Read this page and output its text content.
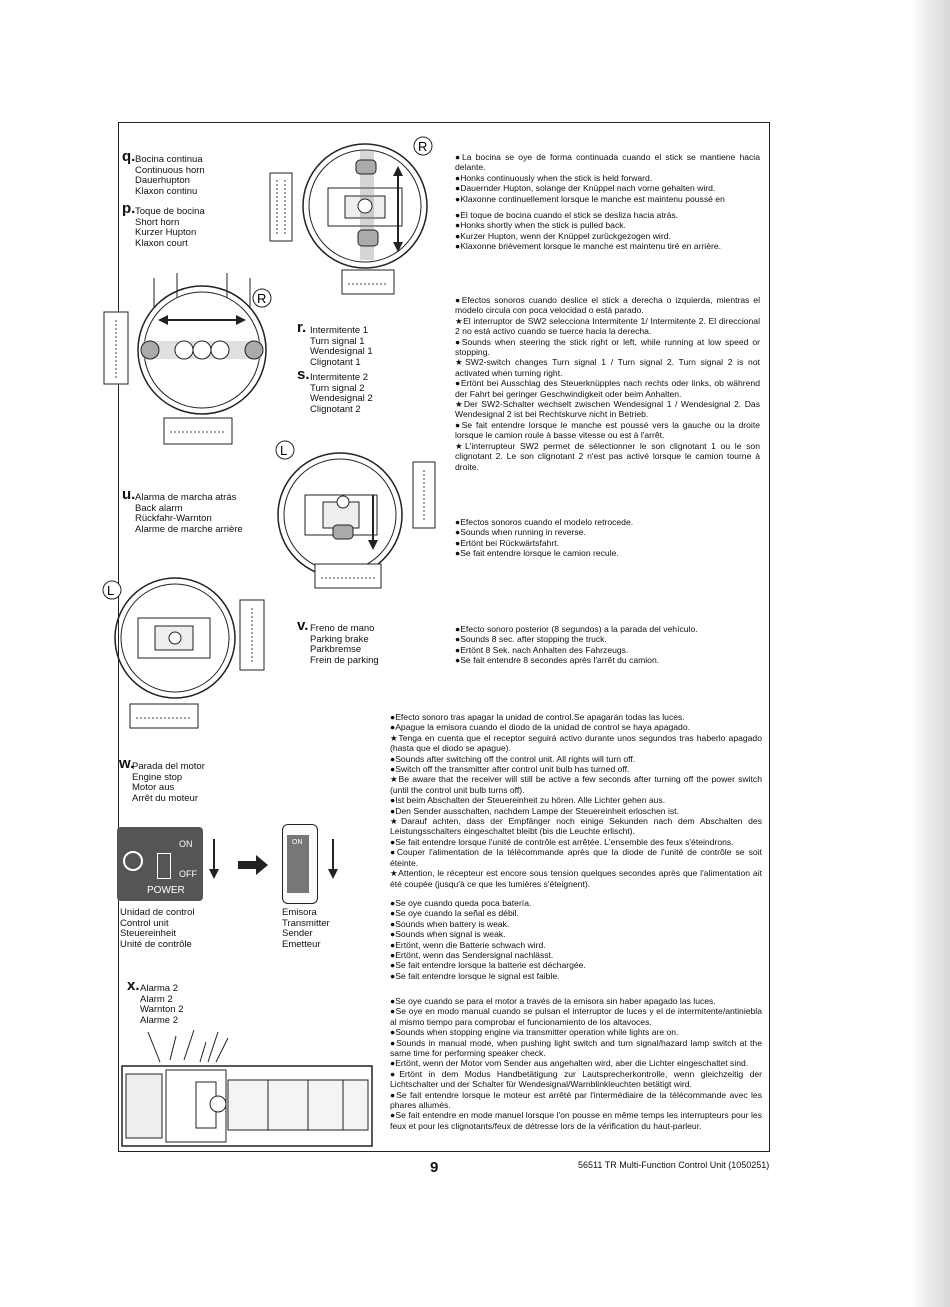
q. Bocina continua
Continuous horn
Dauerhupton
Klaxon continu
p. Toque de bocina
Short horn
Kurzer Hupton
Klaxon court
R

●La bocina se oye de forma continuada cuando el stick se mantiene hacia delante.

●Honks continuously when the stick is held forward.

●Dauernder Hupton, solange der Knüppel nach vorne gehalten wird.

●Klaxonne continuellement lorsque le manche est maintenu poussé en

●El toque de bocina cuando el stick se desliza hacia atrás.

●Honks shortly when the stick is pulled back.

●Kurzer Hupton, wenn der Knüppel zurückgezogen wird.

●Klaxonne brièvement lorsque le manche est maintenu tiré en arrière.

R
r. Intermitente 1
Turn signal 1
Wendesignal 1
Clignotant 1
s. Intermitente 2
Turn signal 2
Wendesignal 2
Clignotant 2

●Efectos sonoros cuando deslice el stick a derecha o izquierda, mientras el modelo circula con poca velocidad o está parado.

★El interruptor de SW2 selecciona Intermitente 1/ Intermitente 2. El direccional 2 no está activo cuando se tuerce hacia la derecha.

●Sounds when steering the stick right or left, while running at low speed or stopping.

★SW2-switch changes Turn signal 1 / Turn signal 2. Turn signal 2 is not activated when turning right.

●Ertönt bei Ausschlag des Steuerknüpples nach rechts oder links, ob während der Fahrt bei geringer Geschwindigkeit oder beim Anhalten.

★Der SW2-Schalter wechselt zwischen Wendesignal 1 / Wendesignal 2. Das Wendesignal 2 ist bei Rechtskurve nicht in Betrieb.

●Se fait entendre lorsque le manche est poussé vers la gauche ou la droite lorsque le camion roule à basse vitesse ou est à l'arrêt.

★L'interrupteur SW2 permet de sélectionner le son clignotant 1 ou le son clignotant 2. Le son clignotant 2 n'est pas activé lorsque le camion tourne à droite.

L
u. Alarma de marcha atrás
Back alarm
Rückfahr-Warnton
Alarme de marche arrière

●Efectos sonoros cuando el modelo retrocede.

●Sounds when running in reverse.

●Ertönt bei Rückwärtsfahrt.

●Se fait entendre lorsque le camion recule.

L
v. Freno de mano
Parking brake
Parkbremse
Frein de parking

●Efecto sonoro posterior (8 segundos) a la parada del vehículo.

●Sounds 8 sec. after stopping the truck.

●Ertönt 8 Sek. nach Anhalten des Fahrzeugs.

●Se fait entendre 8 secondes après l'arrêt du camion.

w.
Parada del motor
Engine stop
Motor aus
Arrêt du moteur
ON
OFF
POWER
ON
Unidad de control
Control unit
Steuereinheit
Unité de contrôle
Emisora
Transmitter
Sender
Emetteur

●Efecto sonoro tras apagar la unidad de control.Se apagarán todas las luces.

●Apague la emisora cuando el diodo de la unidad de control se haya apagado.

★Tenga en cuenta que el receptor seguirá activo durante unos segundos tras haberlo apagado (hasta que el diodo se apague).

●Sounds after switching off the control unit. All rights will turn off.

●Switch off the transmitter after control unit bulb has turned off.

★Be aware that the receiver will still be active a few seconds after turning off the power switch (until the control unit bulb turns off).

●Ist beim Abschalten der Steuereinheit zu hören. Alle Lichter gehen aus.

●Den Sender ausschalten, nachdem Lampe der Steuereinheit erloschen ist.

★Darauf achten, dass der Empfänger noch einige Sekunden nach dem Abschalten des Leistungsschalters eingeschaltet bleibt (bis die Leuchte erlischt).

●Se fait entendre lorsque l'unité de contrôle est arrêtée. L'ensemble des feux s'éteindrons.

●Couper l'alimentation de la télécommande après que la diode de l'unité de contrôle se soit éteinte.

★Attention, le récepteur est encore sous tension quelques secondes après que l'alimentation ait été coupée (jusqu'à ce que les lumières s'éteignent).

●Se oye cuando queda poca batería.

●Se oye cuando la señal es débil.

●Sounds when battery is weak.

●Sounds when signal is weak.

●Ertönt, wenn die Batterie schwach wird.

●Ertönt, wenn das Sendersignal nachlässt.

●Se fait entendre lorsque la batterie est déchargée.

●Se fait entendre lorsque le signal est faible.

x. Alarma 2
Alarm 2
Warnton 2
Alarme 2

●Se oye cuando se para el motor a través de la emisora sin haber apagado las luces.

●Se oye en modo manual cuando se pulsan el interruptor de luces y el de intermitente/antiniebla al mismo tiempo para comprobar el funcionamiento de los altavoces.

●Sounds when stopping engine via transmitter operation while lights are on.

●Sounds in manual mode, when pushing light switch and turn signal/hazard lamp switch at the same time for performing speaker check.

●Ertönt, wenn der Motor vom Sender aus angehalten wird, aber die Lichter eingeschaltet sind.

●Ertönt in dem Modus Handbetätigung zur Lautsprecherkontrolle, wenn gleichzeitig der Lichtschalter und der Schalter für Wendesignal/Warnblinkleuchten betätigt wird.

●Se fait entendre lorsque le moteur est arrêté par l'intermédiaire de la télécommande avec les phares allumés.

●Se fait entendre en mode manuel lorsque l'on pousse en même temps les interrupteurs pour les feux et pour les clignotants/feux de détresse lors de la vérification du haut-parleur.

9	56511 TR Multi-Function Control Unit (1050251)
